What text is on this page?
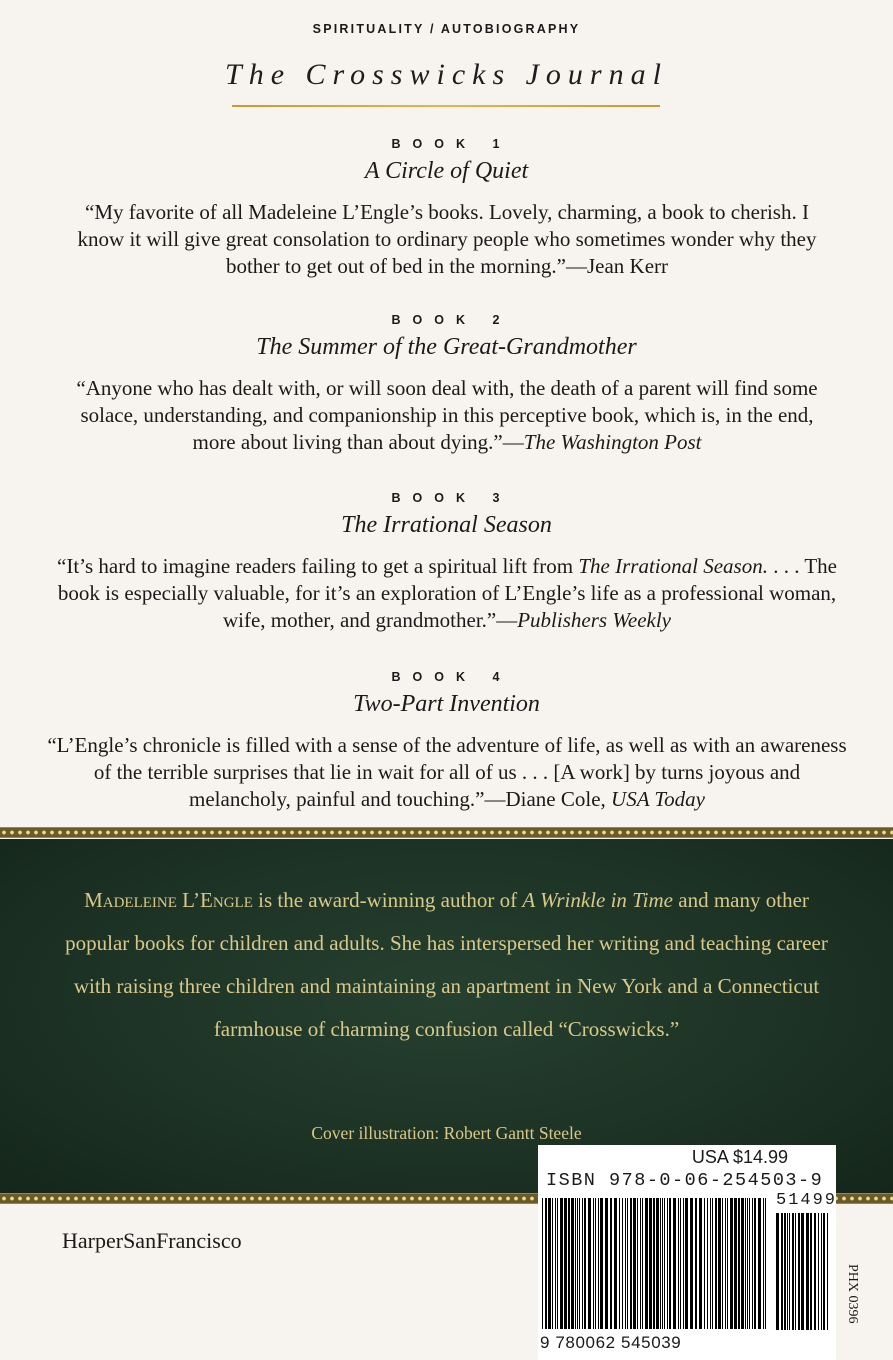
SPIRITUALITY / AUTOBIOGRAPHY
The Crosswicks Journal
BOOK 1
A Circle of Quiet
“My favorite of all Madeleine L’Engle’s books. Lovely, charming, a book to cherish. I know it will give great consolation to ordinary people who sometimes wonder why they bother to get out of bed in the morning.”—Jean Kerr
BOOK 2
The Summer of the Great-Grandmother
“Anyone who has dealt with, or will soon deal with, the death of a parent will find some solace, understanding, and companionship in this perceptive book, which is, in the end, more about living than about dying.”—The Washington Post
BOOK 3
The Irrational Season
“It’s hard to imagine readers failing to get a spiritual lift from The Irrational Season. . . . The book is especially valuable, for it’s an exploration of L’Engle’s life as a professional woman, wife, mother, and grandmother.”—Publishers Weekly
BOOK 4
Two-Part Invention
“L’Engle’s chronicle is filled with a sense of the adventure of life, as well as with an awareness of the terrible surprises that lie in wait for all of us . . . [A work] by turns joyous and melancholy, painful and touching.”—Diane Cole, USA Today
Madeleine L’Engle is the award-winning author of A Wrinkle in Time and many other popular books for children and adults. She has interspersed her writing and teaching career with raising three children and maintaining an apartment in New York and a Connecticut farmhouse of charming confusion called “Crosswicks.”
Cover illustration: Robert Gantt Steele
HarperSanFrancisco
USA $14.99
ISBN 978-0-06-254503-9
9 780062 545039
51499
PHX 0396
